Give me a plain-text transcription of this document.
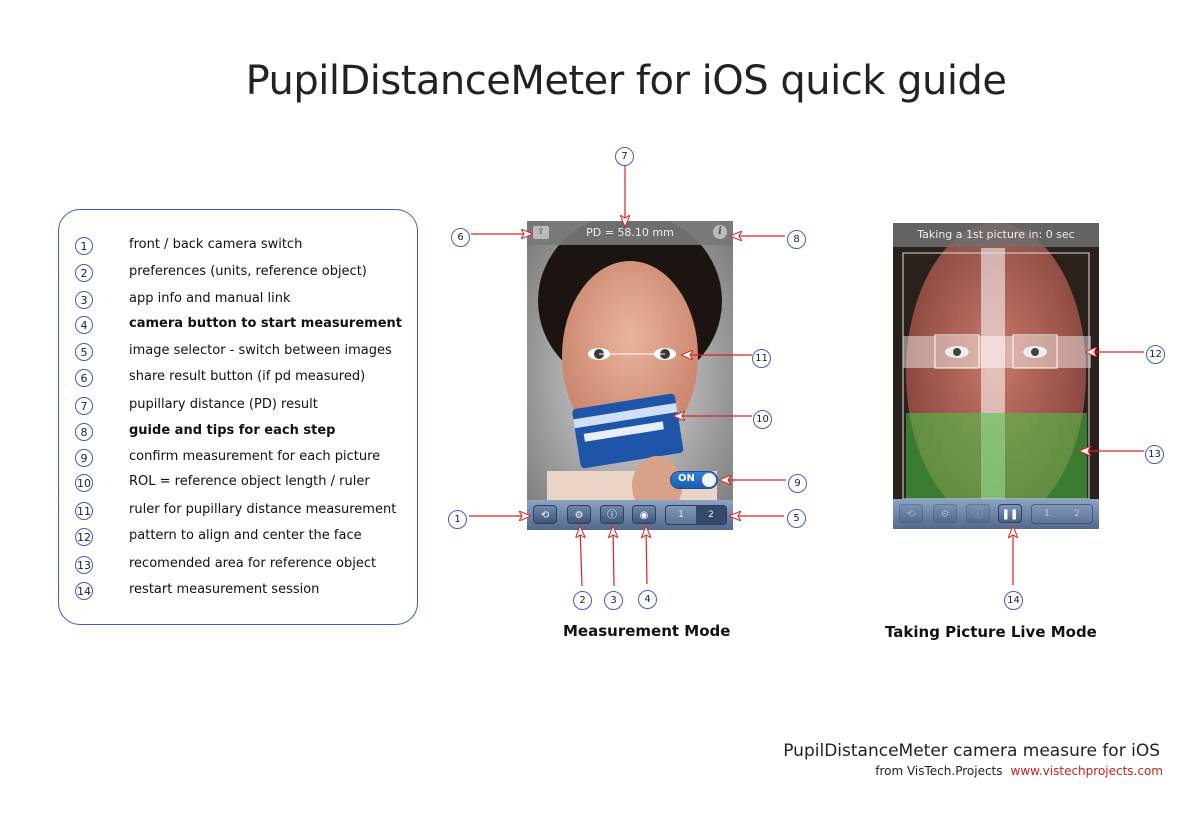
PupilDistanceMeter for iOS quick guide
1	front / back camera switch
2	preferences (units, reference object)
3	app info and manual link
4	camera button to start measurement
5	image selector - switch between images
6	share result button (if pd measured)
7	pupillary distance (PD) result
8	guide and tips for each step
9	confirm measurement for each picture
10	ROL = reference object length / ruler
11	ruler for pupillary distance measurement
12	pattern to align and center the face
13	recomended area for reference object
14	restart measurement session
PD = 58.10 mm
⇪	i
ON
⟲	⚙	ⓘ	◉	1	2
Taking a 1st picture in: 0 sec
⟲	⚙	ⓘ	❚❚	1	2
6
7
8
11
10
9
1	5
2	3	4
12
13
14
Measurement Mode	Taking Picture Live Mode
PupilDistanceMeter camera measure for iOS
from VisTech.Projects www.vistechprojects.com
